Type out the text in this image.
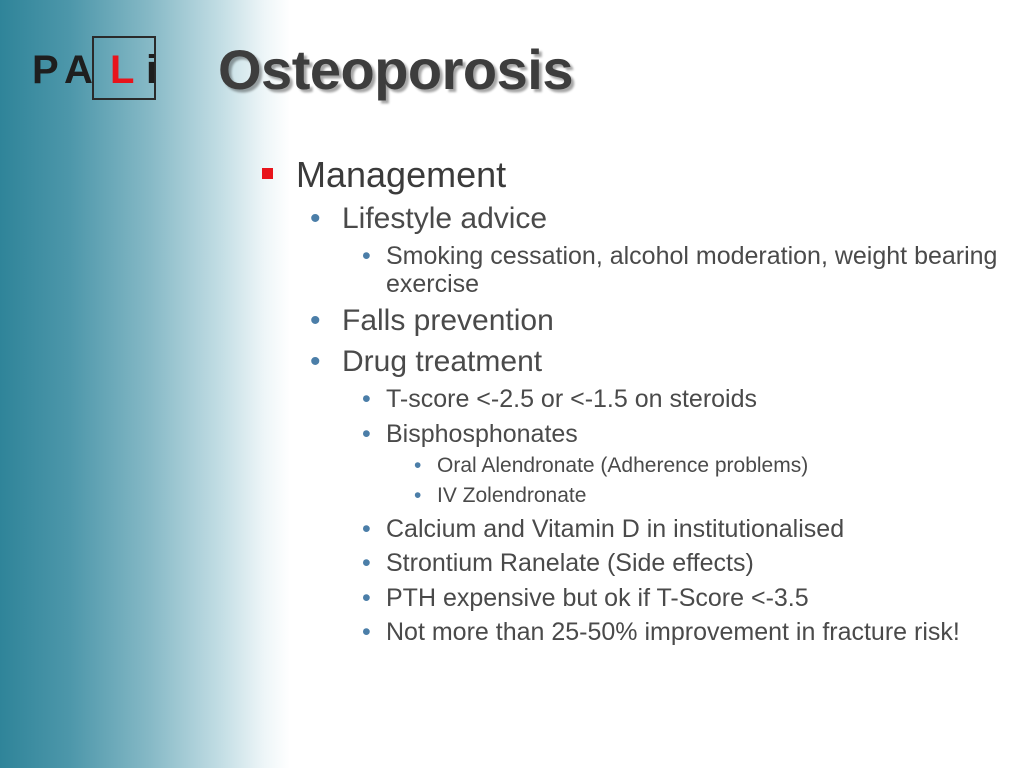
P A L i Osteoporosis
Management
• Lifestyle advice
• Smoking cessation, alcohol moderation, weight bearing exercise
• Falls prevention
• Drug treatment
• T-score <-2.5 or <-1.5 on steroids
• Bisphosphonates
• Oral Alendronate (Adherence problems)
• IV Zolendronate
• Calcium and Vitamin D in institutionalised
• Strontium Ranelate (Side effects)
• PTH expensive but ok if T-Score <-3.5
• Not more than 25-50% improvement in fracture risk!
